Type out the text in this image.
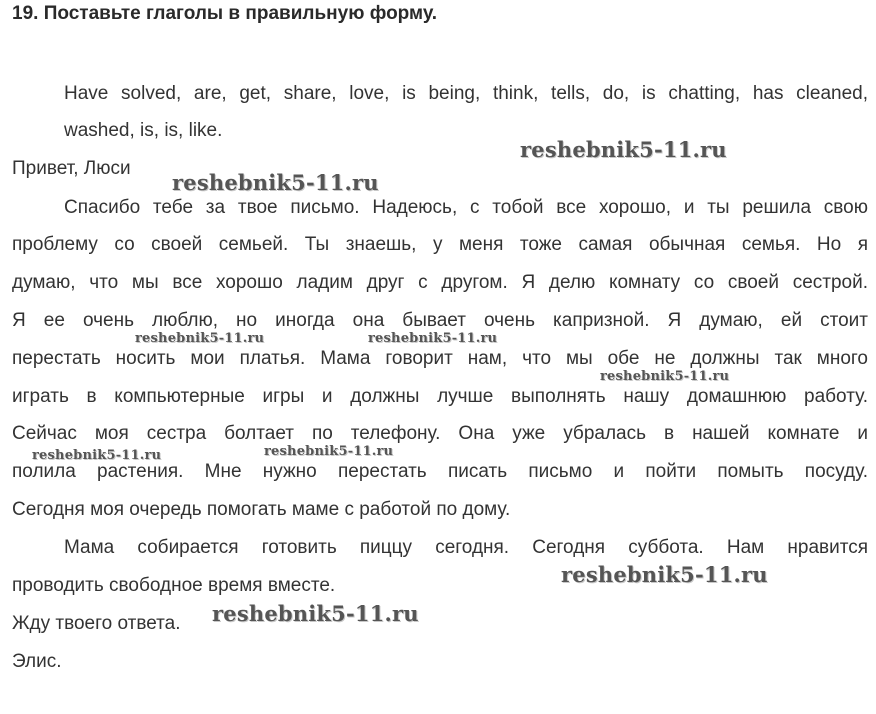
19. Поставьте глаголы в правильную форму.
Have solved, are, get, share, love, is being, think, tells, do, is chatting, has cleaned,
washed, is, is, like.
Привет, Люси
Спасибо тебе за твое письмо. Надеюсь, с тобой все хорошо, и ты решила свою
проблему со своей семьей. Ты знаешь, у меня тоже самая обычная семья. Но я
думаю, что мы все хорошо ладим друг с другом. Я делю комнату со своей сестрой.
Я ее очень люблю, но иногда она бывает очень капризной. Я думаю, ей стоит
перестать носить мои платья. Мама говорит нам, что мы обе не должны так много
играть в компьютерные игры и должны лучше выполнять нашу домашнюю работу.
Сейчас моя сестра болтает по телефону. Она уже убралась в нашей комнате и
полила растения. Мне нужно перестать писать письмо и пойти помыть посуду.
Сегодня моя очередь помогать маме с работой по дому.
Мама собирается готовить пиццу сегодня. Сегодня суббота. Нам нравится
проводить свободное время вместе.
Жду твоего ответа.
Элис.
reshebnik5-11.ru
reshebnik5-11.ru
reshebnik5-11.ru	reshebnik5-11.ru
reshebnik5-11.ru
reshebnik5-11.ru	reshebnik5-11.ru
reshebnik5-11.ru
reshebnik5-11.ru
